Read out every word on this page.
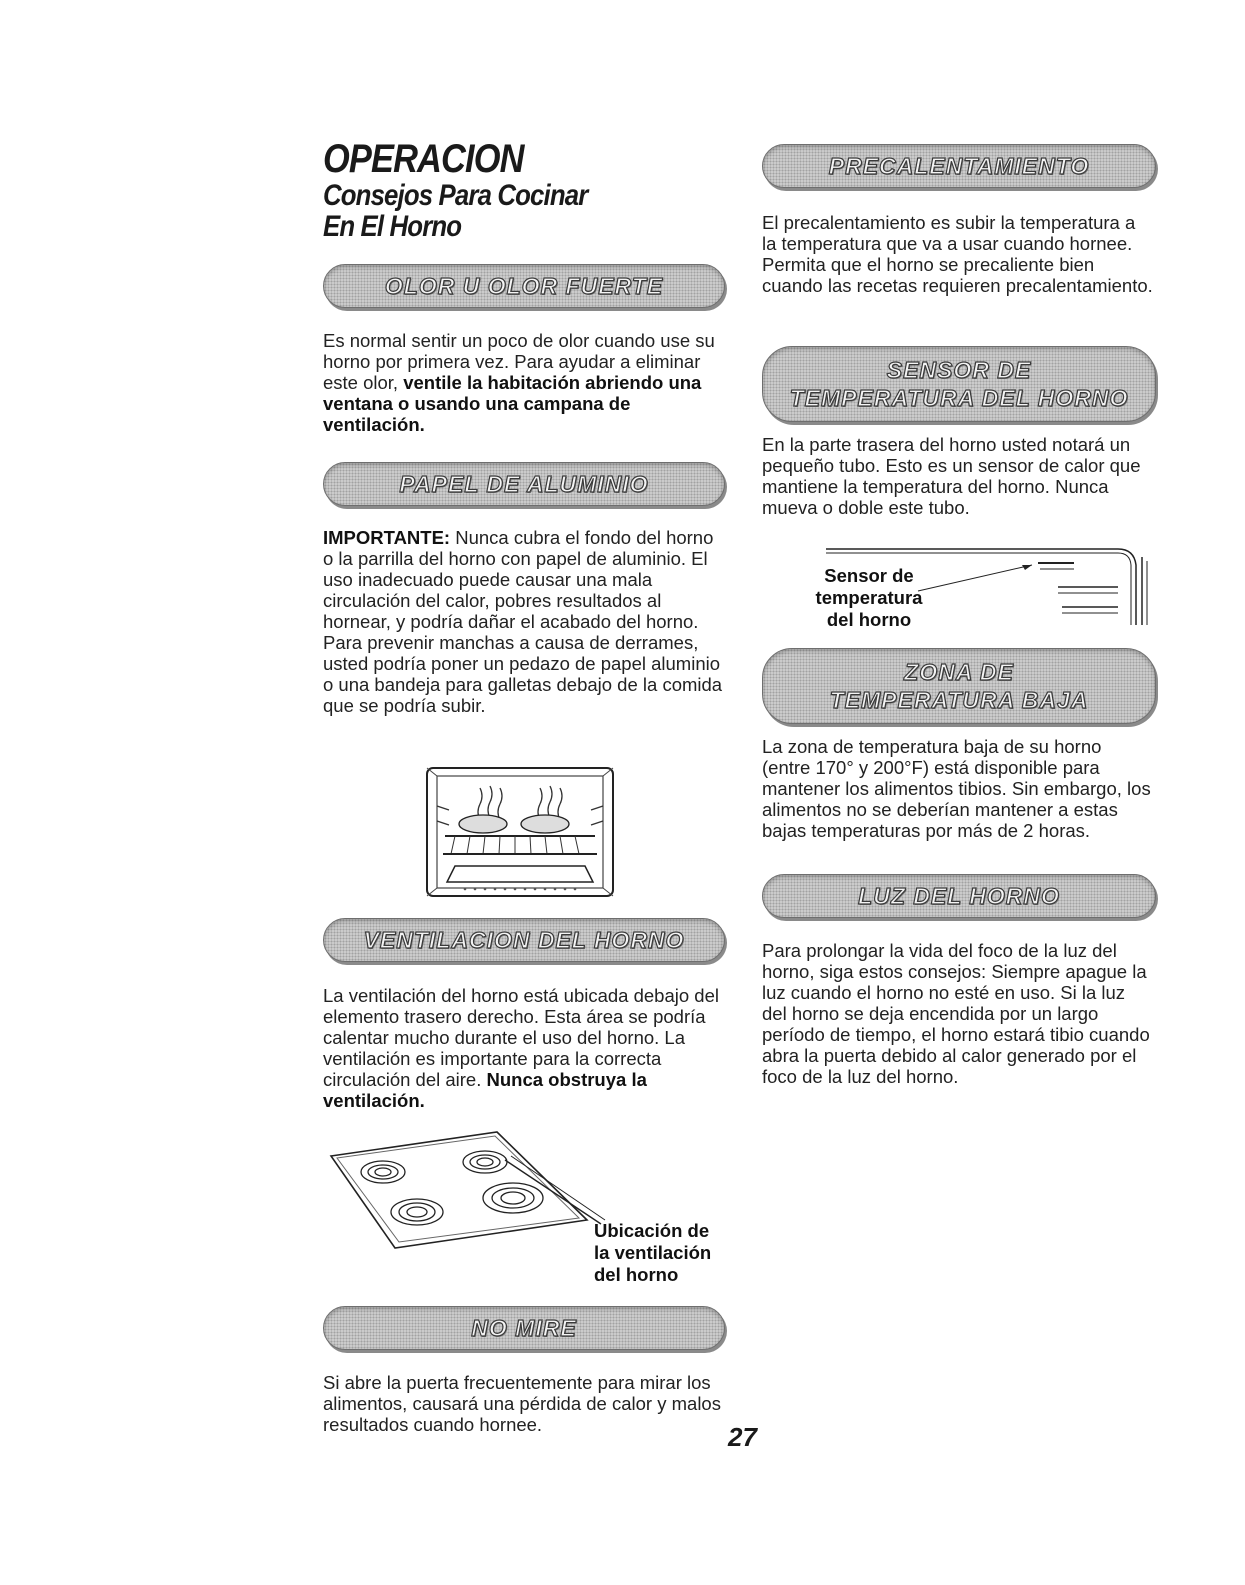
OPERACION
Consejos Para Cocinar
En El Horno
OLOR U OLOR FUERTE
Es normal sentir un poco de olor cuando use su horno por primera vez. Para ayudar a eliminar este olor, ventile la habitación abriendo una ventana o usando una campana de ventilación.
PAPEL DE ALUMINIO
IMPORTANTE: Nunca cubra el fondo del horno o la parrilla del horno con papel de aluminio. El uso inadecuado puede causar una mala circulación del calor, pobres resultados al hornear, y podría dañar el acabado del horno. Para prevenir manchas a causa de derrames, usted podría poner un pedazo de papel aluminio o una bandeja para galletas debajo de la comida que se podría subir.
VENTILACION DEL HORNO
La ventilación del horno está ubicada debajo del elemento trasero derecho. Esta área se podría calentar mucho durante el uso del horno. La ventilación es importante para la correcta circulación del aire. Nunca obstruya la ventilación.
Ubicación de
la ventilación
del horno
NO MIRE
Si abre la puerta frecuentemente para mirar los alimentos, causará una pérdida de calor y malos resultados cuando hornee.
PRECALENTAMIENTO
El precalentamiento es subir la temperatura a la temperatura que va a usar cuando hornee. Permita que el horno se precaliente bien cuando las recetas requieren precalentamiento.
SENSOR DE
TEMPERATURA DEL HORNO
En la parte trasera del horno usted notará un pequeño tubo. Esto es un sensor de calor que mantiene la temperatura del horno. Nunca mueva o doble este tubo.
Sensor de
temperatura
del horno
ZONA DE
TEMPERATURA BAJA
La zona de temperatura baja de su horno (entre 170° y 200°F) está disponible para mantener los alimentos tibios. Sin embargo, los alimentos no se deberían mantener a estas bajas temperaturas por más de 2 horas.
LUZ DEL HORNO
Para prolongar la vida del foco de la luz del horno, siga estos consejos: Siempre apague la luz cuando el horno no esté en uso. Si la luz del horno se deja encendida por un largo período de tiempo, el horno estará tibio cuando abra la puerta debido al calor generado por el foco de la luz del horno.
27
